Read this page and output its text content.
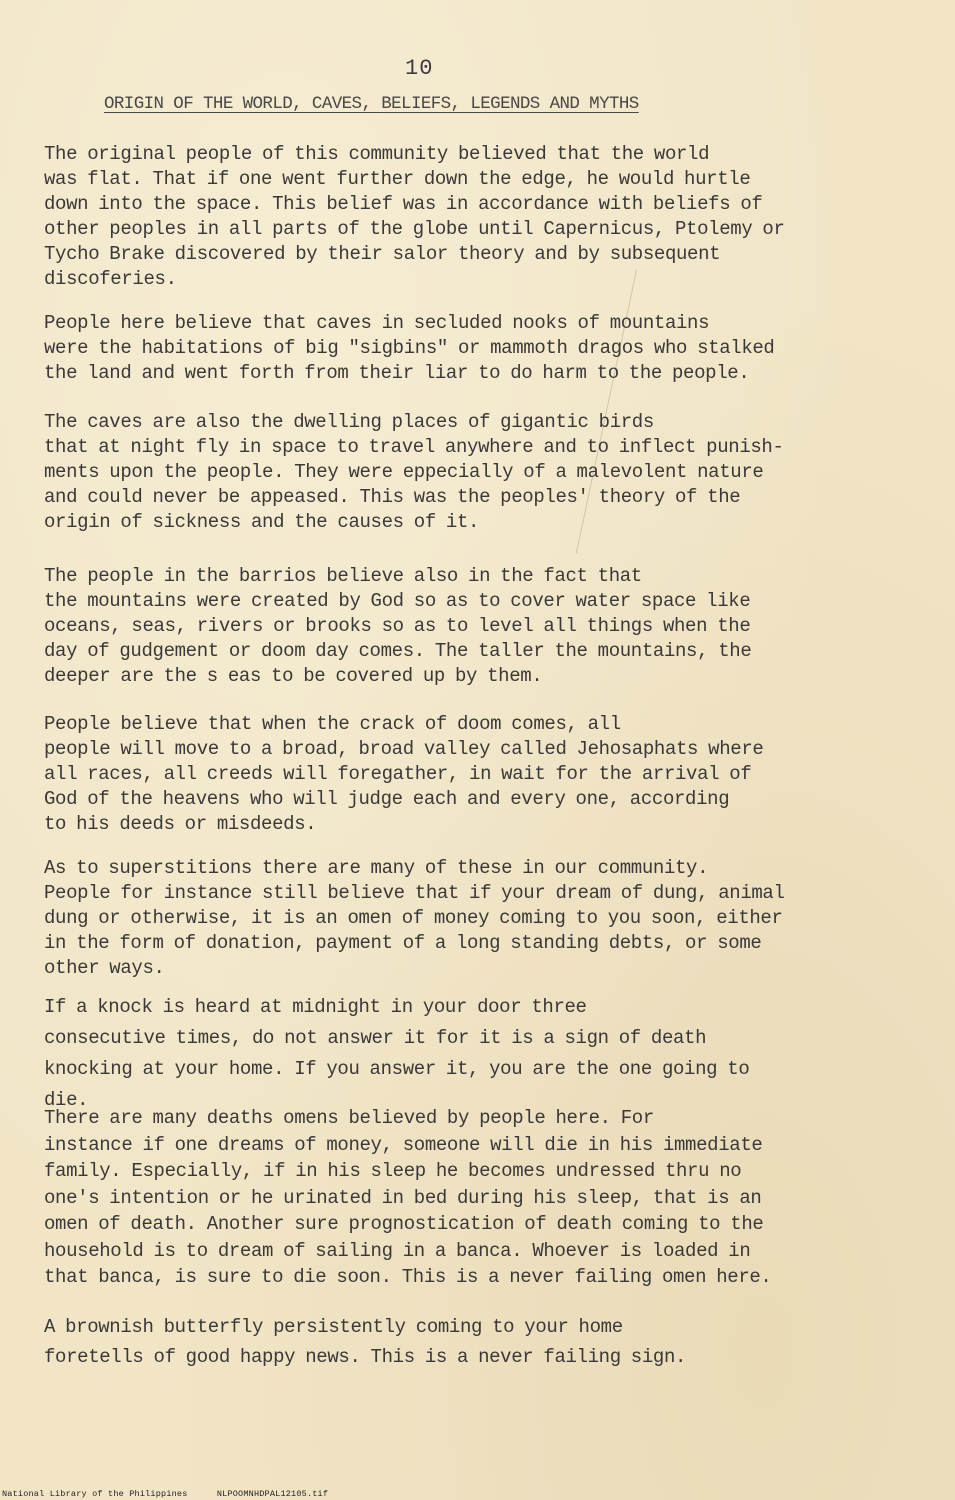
10
ORIGIN OF THE WORLD, CAVES, BELIEFS, LEGENDS AND MYTHS
The original people of this community believed that the world
was flat. That if one went further down the edge, he would hurtle
down into the space. This belief was in accordance with beliefs of
other peoples in all parts of the globe until Capernicus, Ptolemy or
Tycho Brake discovered by their salor theory and by subsequent
discoferies.
People here believe that caves in secluded nooks of mountains
were the habitations of big "sigbins" or mammoth dragos who stalked
the land and went forth from their liar to do harm to the people.
The caves are also the dwelling places of gigantic birds
that at night fly in space to travel anywhere and to inflect punish-
ments upon the people. They were eppecially of a malevolent nature
and could never be appeased. This was the peoples' theory of the
origin of sickness and the causes of it.
The people in the barrios believe also in the fact that
the mountains were created by God so as to cover water space like
oceans, seas, rivers or brooks so as to level all things when the
day of gudgement or doom day comes. The taller the mountains, the
deeper are the s eas to be covered up by them.
People believe that when the crack of doom comes, all
people will move to a broad, broad valley called Jehosaphats where
all races, all creeds will foregather, in wait for the arrival of
God of the heavens who will judge each and every one, according
to his deeds or misdeeds.
As to superstitions there are many of these in our community.
People for instance still believe that if your dream of dung, animal
dung or otherwise, it is an omen of money coming to you soon, either
in the form of donation, payment of a long standing debts, or some
other ways.
If a knock is heard at midnight in your door three
consecutive times, do not answer it for it is a sign of death
knocking at your home. If you answer it, you are the one going to
die.
There are many deaths omens believed by people here. For
instance if one dreams of money, someone will die in his immediate
family. Especially, if in his sleep he becomes undressed thru no
one's intention or he urinated in bed during his sleep, that is an
omen of death. Another sure prognostication of death coming to the
household is to dream of sailing in a banca. Whoever is loaded in
that banca, is sure to die soon. This is a never failing omen here.
A brownish butterfly persistently coming to your home
foretells of good happy news. This is a never failing sign.
National Library of the Philippines	NLPOOMNHDPAL12105.tif
